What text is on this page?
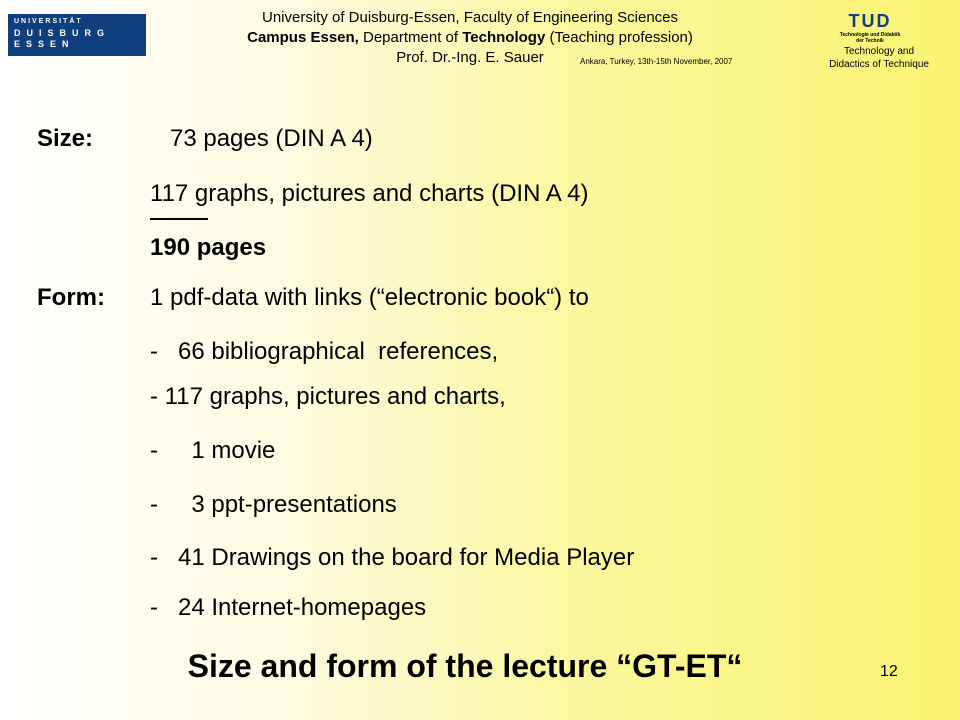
UNIVERSITÄT
DUISBURG
ESSEN
University of Duisburg-Essen, Faculty of Engineering Sciences
Campus Essen, Department of Technology (Teaching profession)
Prof. Dr.-Ing. E. Sauer	Ankara, Turkey, 13th-15th November, 2007
TUD
Technologie und Didaktik
der Technik
Technology and
Didactics of Technique
Size:	73 pages (DIN A 4)
117 graphs, pictures and charts (DIN A 4)
190 pages
Form: 1 pdf-data with links (“electronic book“) to
-   66 bibliographical  references,
- 117 graphs, pictures and charts,
-     1 movie
-     3 ppt-presentations
-   41 Drawings on the board for Media Player
-   24 Internet-homepages
Size and form of the lecture “GT-ET“	12
